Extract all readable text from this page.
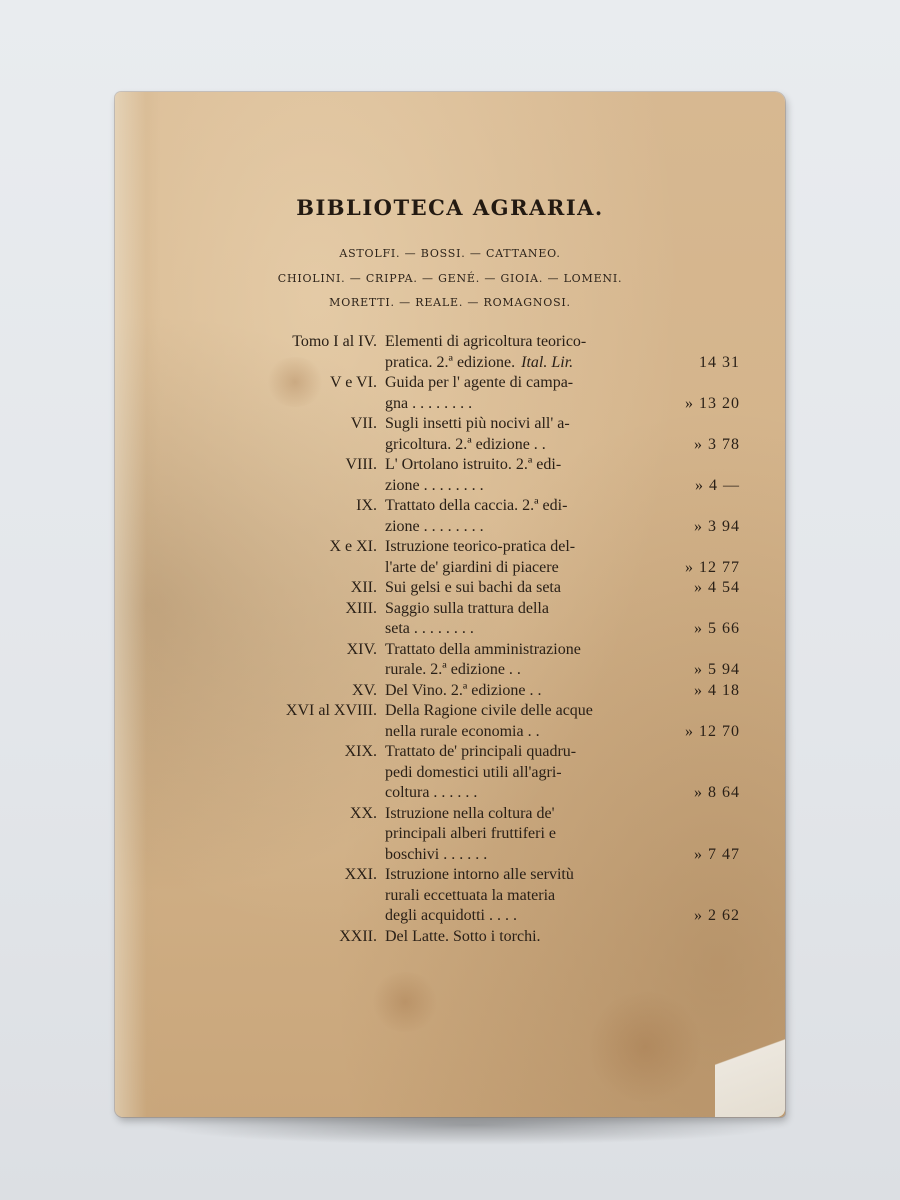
BIBLIOTECA AGRARIA.
ASTOLFI. — BOSSI. — CATTANEO.
CHIOLINI. — CRIPPA. — GENÉ. — GIOIA. — LOMENI.
MORETTI. — REALE. — ROMAGNOSI.
Tomo I al IV. Elementi di agricoltura teorico-
pratica. 2.ª edizione. Ital. Lir.	14 31
V e VI. Guida per l' agente di campa-
gna . . . . . . . .	» 13 20
VII. Sugli insetti più nocivi all' a-
gricoltura. 2.ª edizione . .	» 3 78
VIII. L' Ortolano istruito. 2.ª edi-
zione . . . . . . . .	» 4 —
IX. Trattato della caccia. 2.ª edi-
zione . . . . . . . .	» 3 94
X e XI. Istruzione teorico-pratica del-
l'arte de' giardini di piacere	» 12 77
XII. Sui gelsi e sui bachi da seta	» 4 54
XIII. Saggio sulla trattura della
seta . . . . . . . .	» 5 66
XIV. Trattato della amministrazione
rurale. 2.ª edizione . .	» 5 94
XV. Del Vino. 2.ª edizione . .	» 4 18
XVI al XVIII. Della Ragione civile delle acque
nella rurale economia . .	» 12 70
XIX. Trattato de' principali quadru-
pedi domestici utili all'agri-
coltura . . . . . .	» 8 64
XX. Istruzione nella coltura de'
principali alberi fruttiferi e
boschivi . . . . . .	» 7 47
XXI. Istruzione intorno alle servitù
rurali eccettuata la materia
degli acquidotti . . . .	» 2 62
XXII. Del Latte. Sotto i torchi.
